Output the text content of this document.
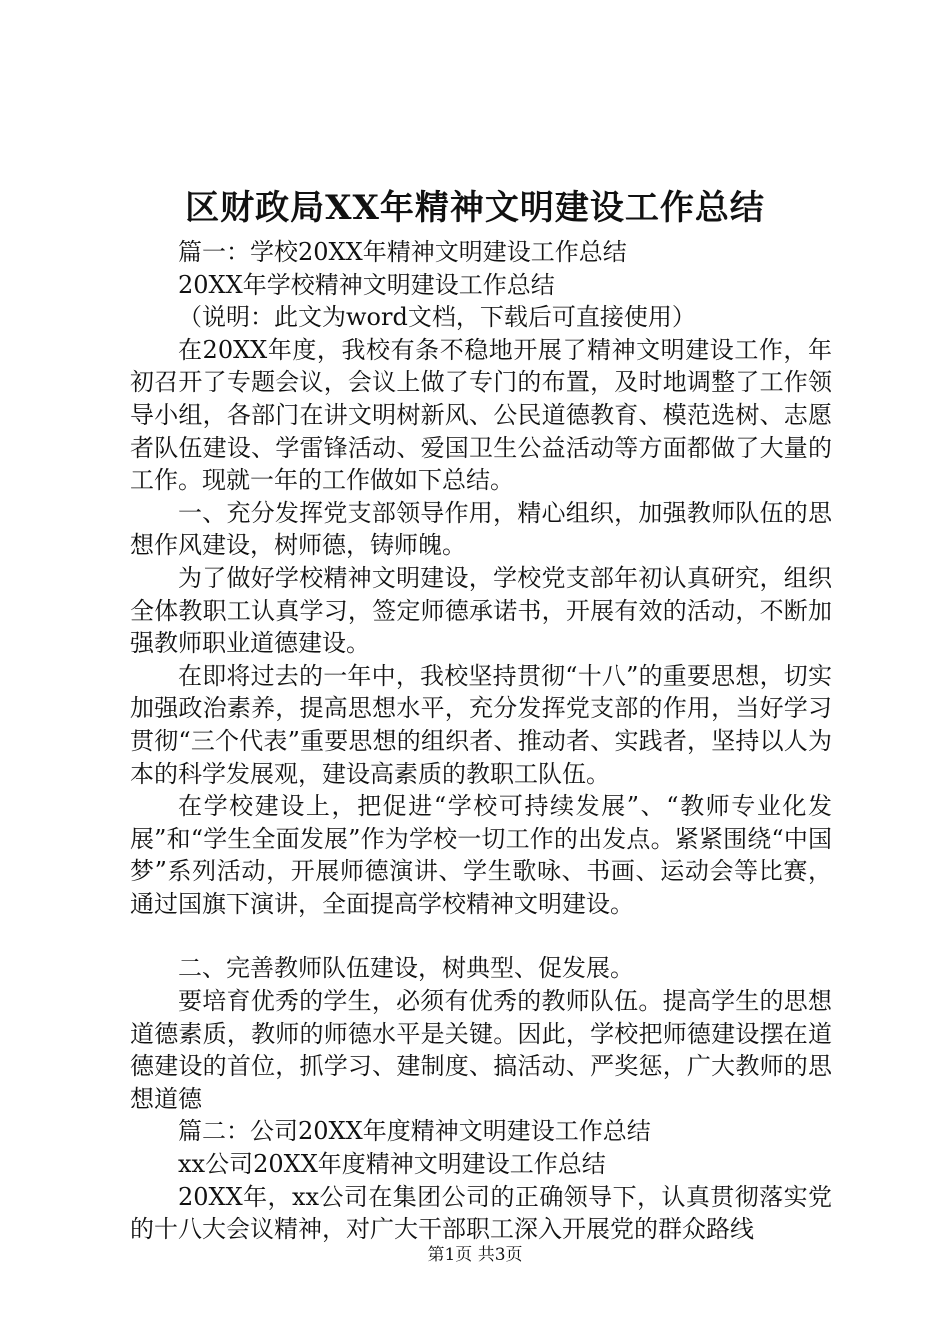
区财政局XX年精神文明建设工作总结

篇一：学校20XX年精神文明建设工作总结

20XX年学校精神文明建设工作总结

（说明：此文为word文档，下载后可直接使用）

在20XX年度，我校有条不稳地开展了精神文明建设工作，年初召开了专题会议，会议上做了专门的布置，及时地调整了工作领导小组，各部门在讲文明树新风、公民道德教育、模范选树、志愿者队伍建设、学雷锋活动、爱国卫生公益活动等方面都做了大量的工作。现就一年的工作做如下总结。

一、充分发挥党支部领导作用，精心组织，加强教师队伍的思想作风建设，树师德，铸师魄。

为了做好学校精神文明建设，学校党支部年初认真研究，组织全体教职工认真学习，签定师德承诺书，开展有效的活动，不断加强教师职业道德建设。

在即将过去的一年中，我校坚持贯彻“十八”的重要思想，切实加强政治素养，提高思想水平，充分发挥党支部的作用，当好学习贯彻“三个代表”重要思想的组织者、推动者、实践者，坚持以人为本的科学发展观，建设高素质的教职工队伍。

在学校建设上，把促进“学校可持续发展”、“教师专业化发展”和“学生全面发展”作为学校一切工作的出发点。紧紧围绕“中国梦”系列活动，开展师德演讲、学生歌咏、书画、运动会等比赛，通过国旗下演讲，全面提高学校精神文明建设。

二、完善教师队伍建设，树典型、促发展。

要培育优秀的学生，必须有优秀的教师队伍。提高学生的思想道德素质，教师的师德水平是关键。因此，学校把师德建设摆在道德建设的首位，抓学习、建制度、搞活动、严奖惩，广大教师的思想道德

篇二：公司20XX年度精神文明建设工作总结

xx公司20XX年度精神文明建设工作总结

20XX年，xx公司在集团公司的正确领导下，认真贯彻落实党的十八大会议精神，对广大干部职工深入开展党的群众路线

第1页 共3页
